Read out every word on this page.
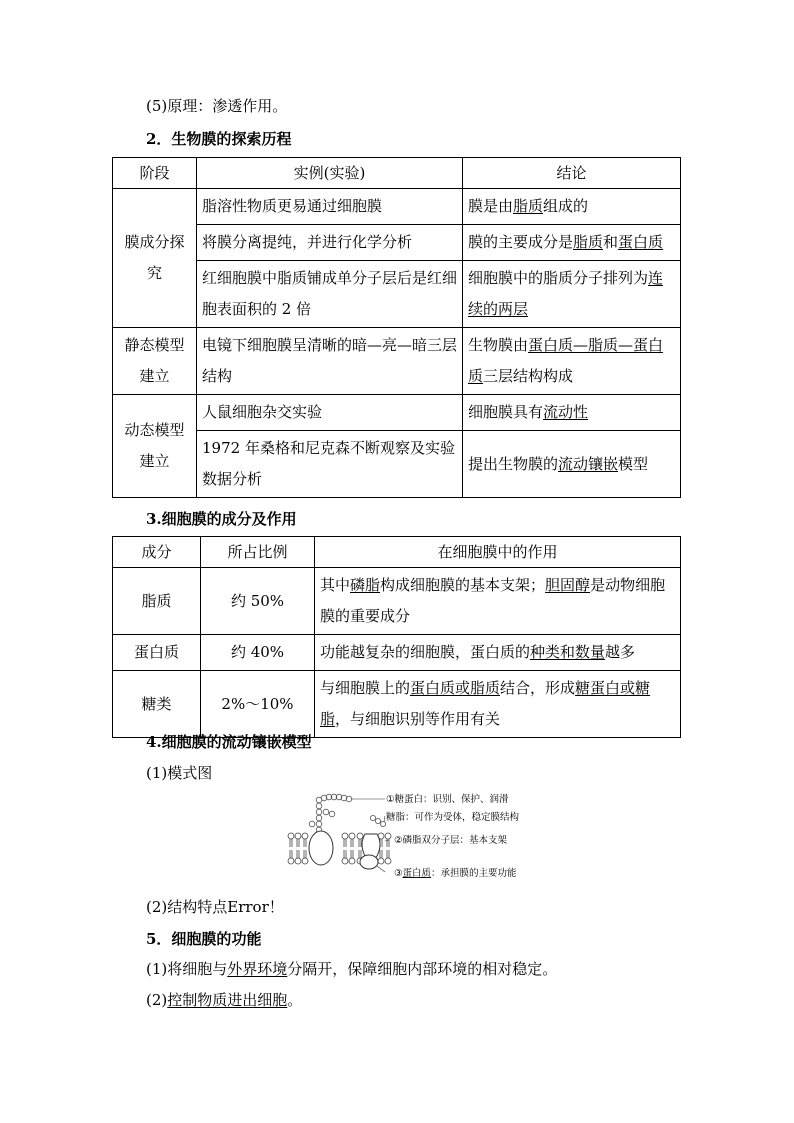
(5)原理：渗透作用。
2．生物膜的探索历程
阶段	实例(实验)	结论
膜成分探究	脂溶性物质更易通过细胞膜	膜是由脂质组成的
	将膜分离提纯，并进行化学分析	膜的主要成分是脂质和蛋白质
	红细胞膜中脂质铺成单分子层后是红细胞表面积的 2 倍	细胞膜中的脂质分子排列为连续的两层
静态模型建立	电镜下细胞膜呈清晰的暗—亮—暗三层结构	生物膜由蛋白质—脂质—蛋白质三层结构构成
动态模型建立	人鼠细胞杂交实验	细胞膜具有流动性
	1972 年桑格和尼克森不断观察及实验数据分析	提出生物膜的流动镶嵌模型
3.细胞膜的成分及作用
成分	所占比例	在细胞膜中的作用
脂质	约 50%	其中磷脂构成细胞膜的基本支架；胆固醇是动物细胞膜的重要成分
蛋白质	约 40%	功能越复杂的细胞膜，蛋白质的种类和数量越多
糖类	2%～10%	与细胞膜上的蛋白质或脂质结合，形成糖蛋白或糖脂，与细胞识别等作用有关
4.细胞膜的流动镶嵌模型
(1)模式图
①糖蛋白：识别、保护、润滑
糖脂：可作为受体，稳定膜结构
②磷脂双分子层：基本支架
③蛋白质：承担膜的主要功能
(2)结构特点Error！
5．细胞膜的功能
(1)将细胞与外界环境分隔开，保障细胞内部环境的相对稳定。
(2)控制物质进出细胞。
